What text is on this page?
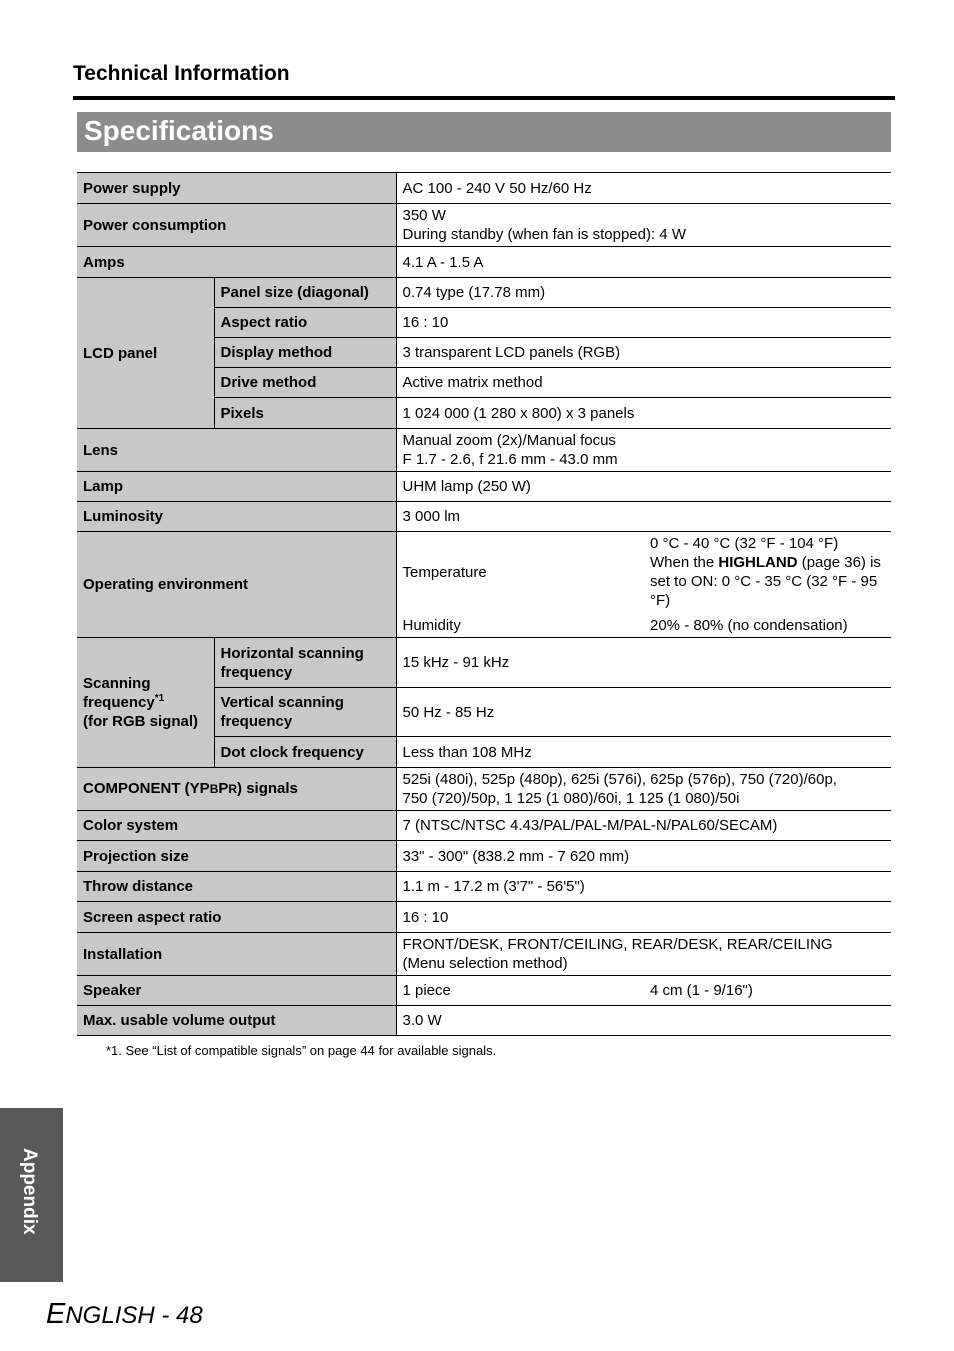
Technical Information
Specifications
Power supply		AC 100 - 240 V 50 Hz/60 Hz	
Power consumption		350 W
During standby (when fan is stopped): 4 W	

Amps		4.1 A - 1.5 A	
LCD panel	Panel size (diagonal)	0.74 type (17.78 mm)	
	Aspect ratio	16 : 10	
	Display method	3 transparent LCD panels (RGB)	
	Drive method	Active matrix method	
	Pixels	1 024 000 (1 280 x 800) x 3 panels	
Lens		Manual zoom (2x)/Manual focus
F 1.7 - 2.6, f 21.6 mm - 43.0 mm	

Lamp		UHM lamp (250 W)	
Luminosity		3 000 lm	
Operating environment		Temperature	0 °C - 40 °C (32 °F - 104 °F)
When the HIGHLAND (page 36) is set to ON: 0 °C - 35 °C (32 °F - 95 °F)
		Humidity	20% - 80% (no condensation)

Scanning
frequency$^{*1}$
(for RGB signal)	Horizontal scanning frequency	15 kHz - 91 kHz	
	Vertical scanning frequency	50 Hz - 85 Hz	
	Dot clock frequency	Less than 108 MHz	
COMPONENT (YPBPR) signals		525i (480i), 525p (480p), 625i (576i), 625p (576p), 750 (720)/60p,
750 (720)/50p, 1 125 (1 080)/60i, 1 125 (1 080)/50i	

Color system		7 (NTSC/NTSC 4.43/PAL/PAL-M/PAL-N/PAL60/SECAM)	
Projection size		33" - 300" (838.2 mm - 7 620 mm)	
Throw distance		1.1 m - 17.2 m (3'7" - 56'5")	
Screen aspect ratio		16 : 10	
Installation		FRONT/DESK, FRONT/CEILING, REAR/DESK, REAR/CEILING
(Menu selection method)	

Speaker		1 piece	4 cm (1 - 9/16")
Max. usable volume output		3.0 W	
*1. See “List of compatible signals” on page 44 for available signals.
Appendix
ENGLISH - 48
